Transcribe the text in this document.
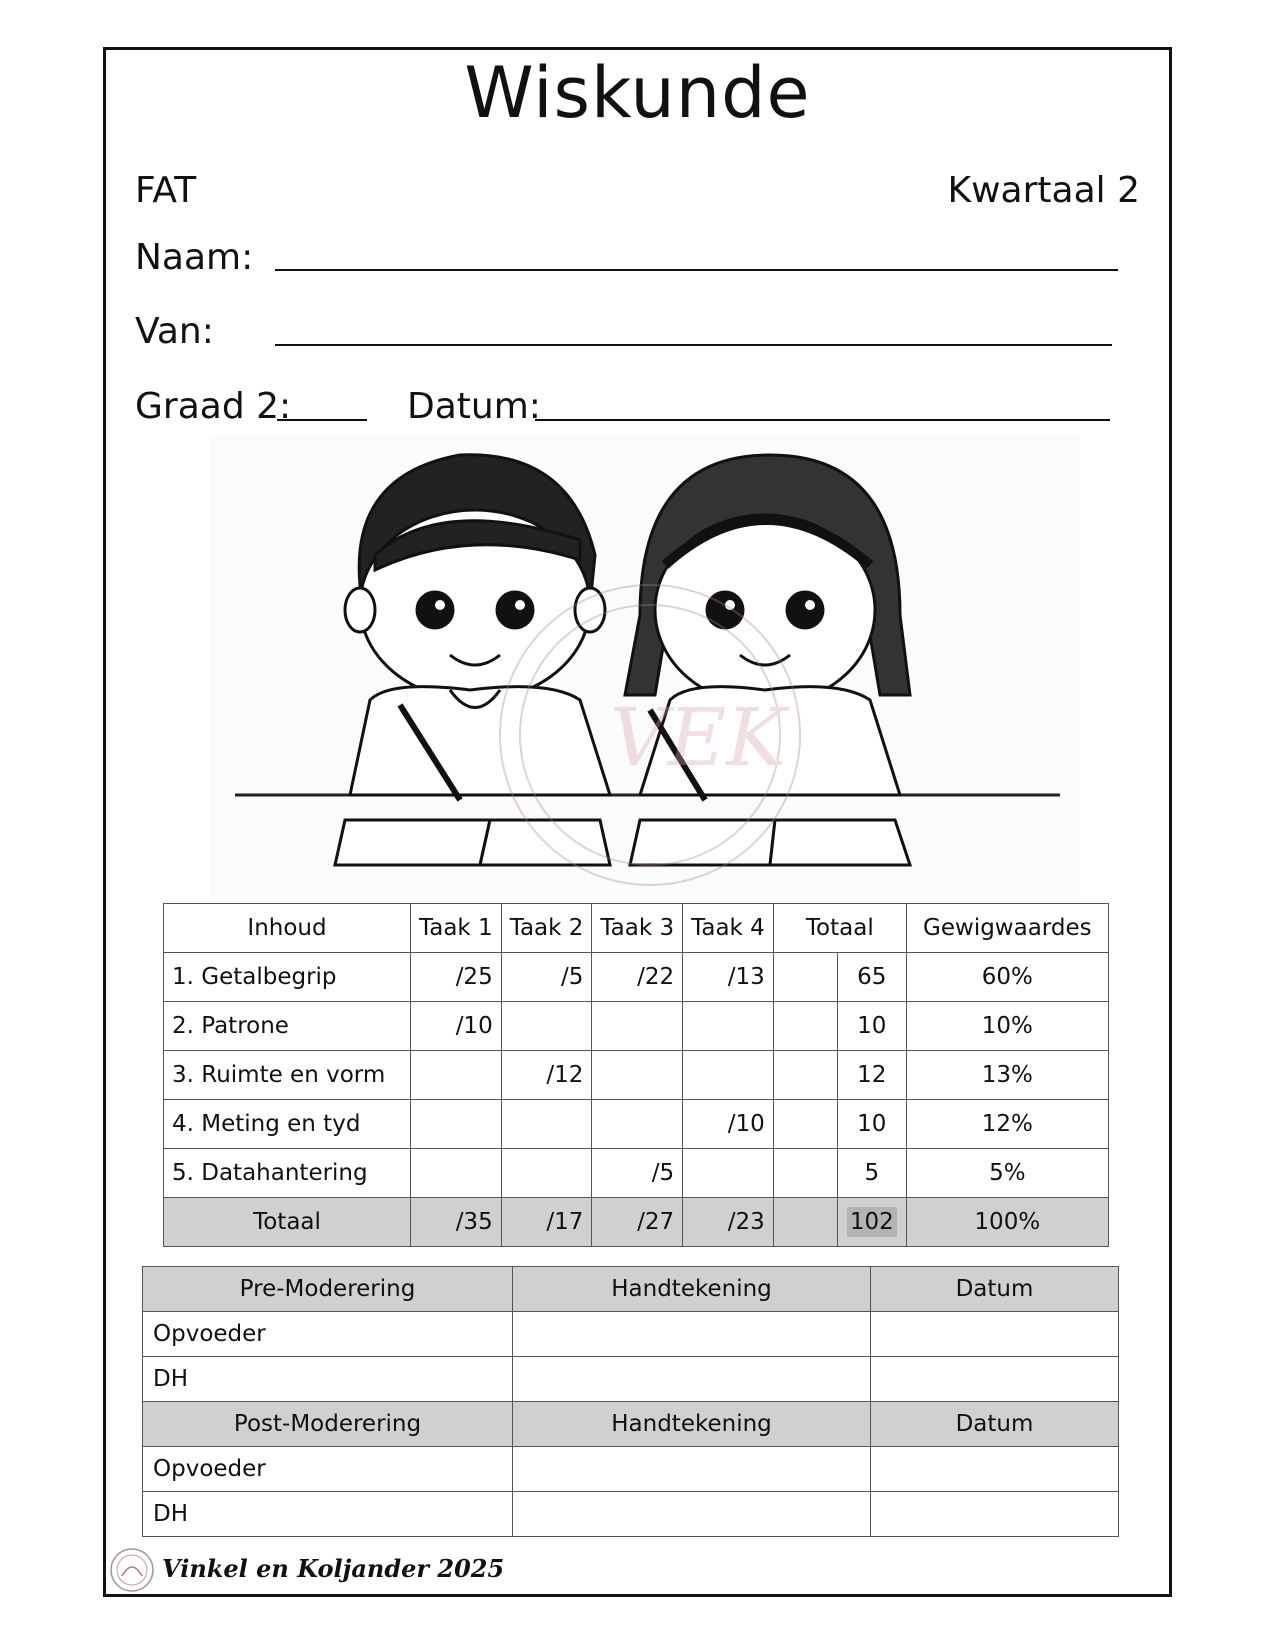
Wiskunde
FAT	Kwartaal 2
Naam:
Van:
Graad 2:	Datum:
VEK
Inhoud	Taak 1	Taak 2	Taak 3	Taak 4	Totaal		Gewigwaardes
1. Getalbegrip	/25	/5	/22	/13		65	60%
2. Patrone	/10					10	10%
3. Ruimte en vorm		/12				12	13%
4. Meting en tyd				/10		10	12%
5. Datahantering			/5			5	5%
Totaal	/35	/17	/27	/23		102	100%
Pre-Moderering	Handtekening	Datum
Opvoeder		
DH		
Post-Moderering	Handtekening	Datum
Opvoeder		
DH		
Vinkel en Koljander 2025
